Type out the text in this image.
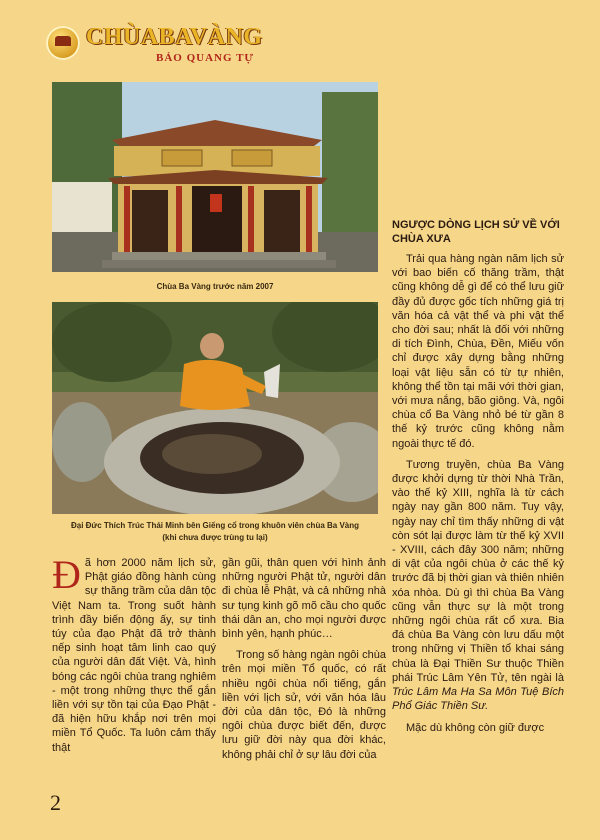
CHÙABAVÀNG
BẢO QUANG TỰ
Chùa Ba Vàng trước năm 2007
Đại Đức Thích Trúc Thái Minh bên Giếng cổ trong khuôn viên chùa Ba Vàng
(khi chưa được trùng tu lại)
NGƯỢC DÒNG LỊCH SỬ VỀ VỚI CHÙA XƯA

Trải qua hàng ngàn năm lịch sử với bao biến cố thăng trầm, thật cũng không dễ gì để có thể lưu giữ đầy đủ được gốc tích những giá trị văn hóa cả vật thể và phi vật thể cho đời sau; nhất là đối với những di tích Đình, Chùa, Đền, Miếu vốn chỉ được xây dựng bằng những loại vật liệu sẵn có từ tự nhiên, không thể tồn tại mãi với thời gian, với mưa nắng, bão giông. Và, ngôi chùa cổ Ba Vàng nhỏ bé từ gần 8 thế kỷ trước cũng không nằm ngoài thực tế đó.

Tương truyền, chùa Ba Vàng được khởi dựng từ thời Nhà Trần, vào thế kỷ XIII, nghĩa là từ cách ngày nay gần 800 năm. Tuy vậy, ngày nay chỉ tìm thấy những di vật còn sót lại được làm từ thế kỷ XVII - XVIII, cách đây 300 năm; những di vật của ngôi chùa ở các thế kỷ trước đã bị thời gian và thiên nhiên xóa nhòa. Dù gì thì chùa Ba Vàng cũng vẫn thực sự là một trong những ngôi chùa rất cổ xưa. Bia đá chùa Ba Vàng còn lưu dấu một trong những vị Thiền tổ khai sáng chùa là Đại Thiền Sư thuộc Thiền phái Trúc Lâm Yên Tử, tên ngài là Trúc Lâm Ma Ha Sa Môn Tuệ Bích Phổ Giác Thiền Sư.

Mặc dù không còn giữ được

Đã hơn 2000 năm lịch sử, Phật giáo đồng hành cùng sự thăng trầm của dân tộc Việt Nam ta. Trong suốt hành trình đầy biến động ấy, sự tinh túy của đạo Phật đã trở thành nếp sinh hoạt tâm linh cao quý của người dân đất Việt. Và, hình bóng các ngôi chùa trang nghiêm - một trong những thực thể gắn liền với sự tồn tại của Đạo Phật - đã hiện hữu khắp nơi trên mọi miền Tổ Quốc. Ta luôn cảm thấy thật

gần gũi, thân quen với hình ảnh những người Phật tử, người dân đi chùa lễ Phật, và cả những nhà sư tụng kinh gõ mõ cầu cho quốc thái dân an, cho mọi người được bình yên, hạnh phúc…

Trong số hàng ngàn ngôi chùa trên mọi miền Tổ quốc, có rất nhiều ngôi chùa nổi tiếng, gắn liền với lịch sử, với văn hóa lâu đời của dân tộc, Đó là những ngôi chùa được biết đến, được lưu giữ đời này qua đời khác, không phải chỉ ở sự lâu đời của

2
